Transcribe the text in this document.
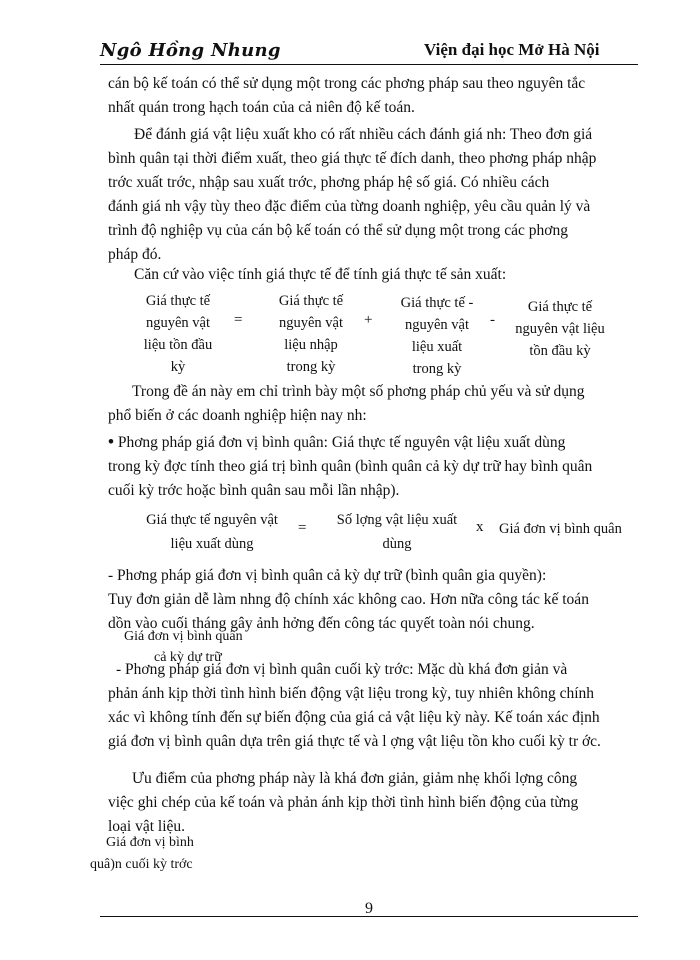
Ngô Hồng Nhung	Viện đại học Mở Hà Nội
cán bộ kế toán có thể sử dụng một trong các phơng pháp sau theo nguyên tắc
nhất quán trong hạch toán của cả niên độ kế toán.
Để đánh giá vật liệu xuất kho có rất nhiều cách đánh giá nh: Theo đơn giá
bình quân tại thời điểm xuất, theo giá thực tế đích danh, theo phơng pháp nhập
trớc xuất trớc, nhập sau xuất trớc, phơng pháp hệ số giá. Có nhiều cách
đánh giá nh vậy tùy theo đặc điểm của từng doanh nghiệp, yêu cầu quản lý và
trình độ nghiệp vụ của cán bộ kế toán có thể sử dụng một trong các phơng
pháp đó.
Căn cứ vào việc tính giá thực tế để tính giá thực tế sản xuất:
Giá thực tế
nguyên vật
liệu tồn đầu
kỳ
=
Giá thực tế
nguyên vật
liệu nhập
trong kỳ
+
Giá thực tế -
nguyên vật
liệu xuất
trong kỳ
-
Giá thực tế
nguyên vật liệu
tồn đầu kỳ
Trong đề án này em chỉ trình bày một số phơng pháp chủ yếu và sử dụng
phổ biến ở các doanh nghiệp hiện nay nh:
• Phơng pháp giá đơn vị bình quân: Giá thực tế nguyên vật liệu xuất dùng
trong kỳ đợc tính theo giá trị bình quân (bình quân cả kỳ dự trữ hay bình quân
cuối kỳ trớc hoặc bình quân sau mỗi lần nhập).
Giá thực tế nguyên vật
liệu xuất dùng
=	Số lợng vật liệu xuất
dùng
x Giá đơn vị bình quân
- Phơng pháp giá đơn vị bình quân cả kỳ dự trữ (bình quân gia quyền):
Tuy đơn giản dễ làm nhng độ chính xác không cao. Hơn nữa công tác kế toán
dồn vào cuối tháng gây ảnh hởng đến công tác quyết toàn nói chung.
Giá đơn vị bình quân
cả kỳ dự trữ
- Phơng pháp giá đơn vị bình quân cuối kỳ trớc: Mặc dù khá đơn giản và
phản ánh kịp thời tình hình biến động vật liệu trong kỳ, tuy nhiên không chính
xác vì không tính đến sự biến động của giá cả vật liệu kỳ này. Kế toán xác định
giá đơn vị bình quân dựa trên giá thực tế và l ợng vật liệu tồn kho cuối kỳ tr ớc.
Ưu điểm của phơng pháp này là khá đơn giản, giảm nhẹ khối lợng công
việc ghi chép của kế toán và phản ánh kịp thời tình hình biến động của từng
loại vật liệu.
Giá đơn vị bình
quâ)n cuối kỳ trớc
9
